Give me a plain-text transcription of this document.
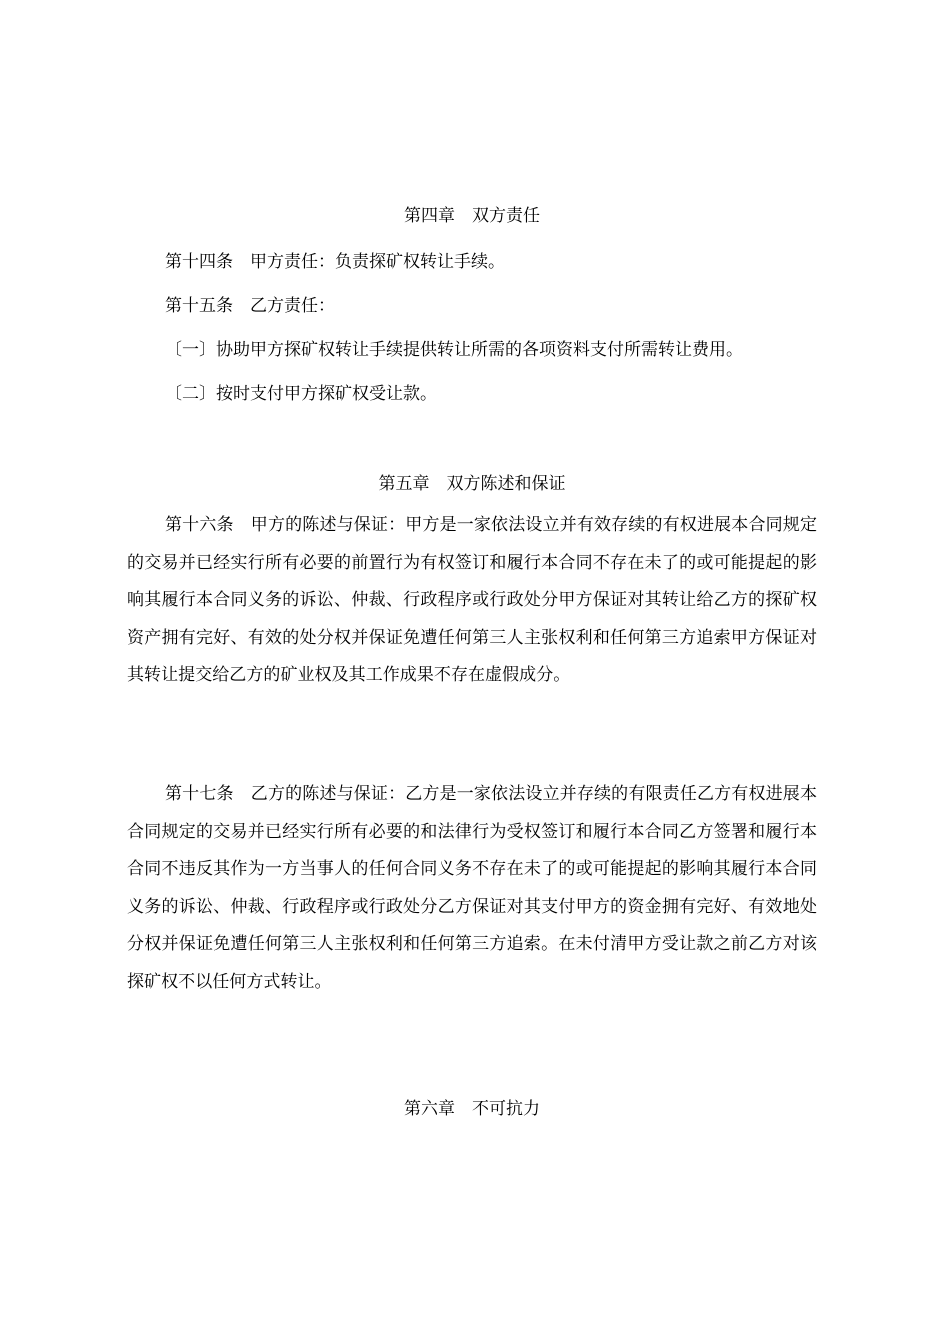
第四章　双方责任
第十四条　甲方责任：负责探矿权转让手续。
第十五条　乙方责任：
〔一〕协助甲方探矿权转让手续提供转让所需的各项资料支付所需转让费用。
〔二〕按时支付甲方探矿权受让款。
第五章　双方陈述和保证
第十六条　甲方的陈述与保证：甲方是一家依法设立并有效存续的有权进展本合同规定的交易并已经实行所有必要的前置行为有权签订和履行本合同不存在未了的或可能提起的影响其履行本合同义务的诉讼、仲裁、行政程序或行政处分甲方保证对其转让给乙方的探矿权资产拥有完好、有效的处分权并保证免遭任何第三人主张权利和任何第三方追索甲方保证对其转让提交给乙方的矿业权及其工作成果不存在虚假成分。
第十七条　乙方的陈述与保证：乙方是一家依法设立并存续的有限责任乙方有权进展本合同规定的交易并已经实行所有必要的和法律行为受权签订和履行本合同乙方签署和履行本合同不违反其作为一方当事人的任何合同义务不存在未了的或可能提起的影响其履行本合同义务的诉讼、仲裁、行政程序或行政处分乙方保证对其支付甲方的资金拥有完好、有效地处分权并保证免遭任何第三人主张权利和任何第三方追索。在未付清甲方受让款之前乙方对该探矿权不以任何方式转让。
第六章　不可抗力
